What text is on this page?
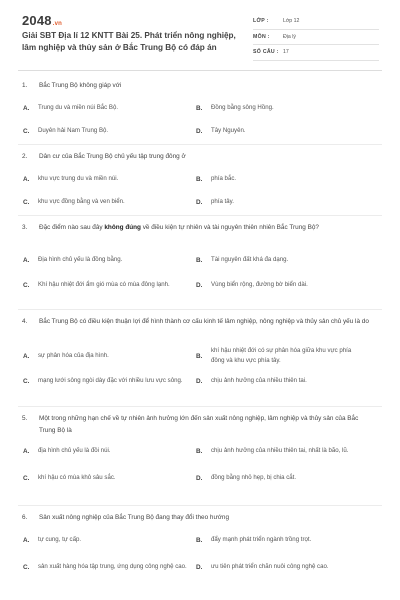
2048.vn
Giải SBT Địa lí 12 KNTT Bài 25. Phát triển nông nghiệp, lâm nghiệp và thủy sản ở Bắc Trung Bộ có đáp án
LỚP :	Lớp 12
MÔN :	Địa lý
SỐ CÂU : 17
1. Bắc Trung Bộ không giáp với
A.	Trung du và miền núi Bắc Bộ.	B.	Đồng bằng sông Hồng.
C.	Duyên hải Nam Trung Bộ.	D.	Tây Nguyên.
2. Dân cư của Bắc Trung Bộ chủ yếu tập trung đông ở
A.	khu vực trung du và miền núi.	B.	phía bắc.
C.	khu vực đồng bằng và ven biển.	D.	phía tây.
3. Đặc điểm nào sau đây không đúng về điều kiện tự nhiên và tài nguyên thiên nhiên Bắc Trung Bộ?
A.	Địa hình chủ yếu là đồng bằng.	B.	Tài nguyên đất khá đa dạng.
C.	Khí hậu nhiệt đới ẩm gió mùa có mùa đông lạnh.	D.	Vùng biển rộng, đường bờ biển dài.
4. Bắc Trung Bộ có điều kiện thuận lợi để hình thành cơ cấu kinh tế lâm nghiệp, nông nghiệp và thủy sản chủ yếu là do
A.	sự phân hóa của địa hình.	B.
khí hậu nhiệt đới có sự phân hóa giữa khu vực phía đông và khu vực phía tây.
C.	mạng lưới sông ngòi dày đặc với nhiều lưu vực sông.	D.	chịu ảnh hưởng của nhiều thiên tai.
5. Một trong những hạn chế về tự nhiên ảnh hưởng lớn đến sản xuất nông nghiệp, lâm nghiệp và thủy sản của Bắc Trung Bộ là
A.	địa hình chủ yếu là đồi núi.	B.	chịu ảnh hưởng của nhiều thiên tai, nhất là bão, lũ.
C.	khí hậu có mùa khô sâu sắc.	D.	đồng bằng nhỏ hẹp, bị chia cắt.
6. Sản xuất nông nghiệp của Bắc Trung Bộ đang thay đổi theo hướng
A.	tự cung, tự cấp.	B.	đẩy mạnh phát triển ngành trồng trọt.
C.	sản xuất hàng hóa tập trung, ứng dụng công nghệ cao. D.	ưu tiên phát triển chăn nuôi công nghệ cao.
